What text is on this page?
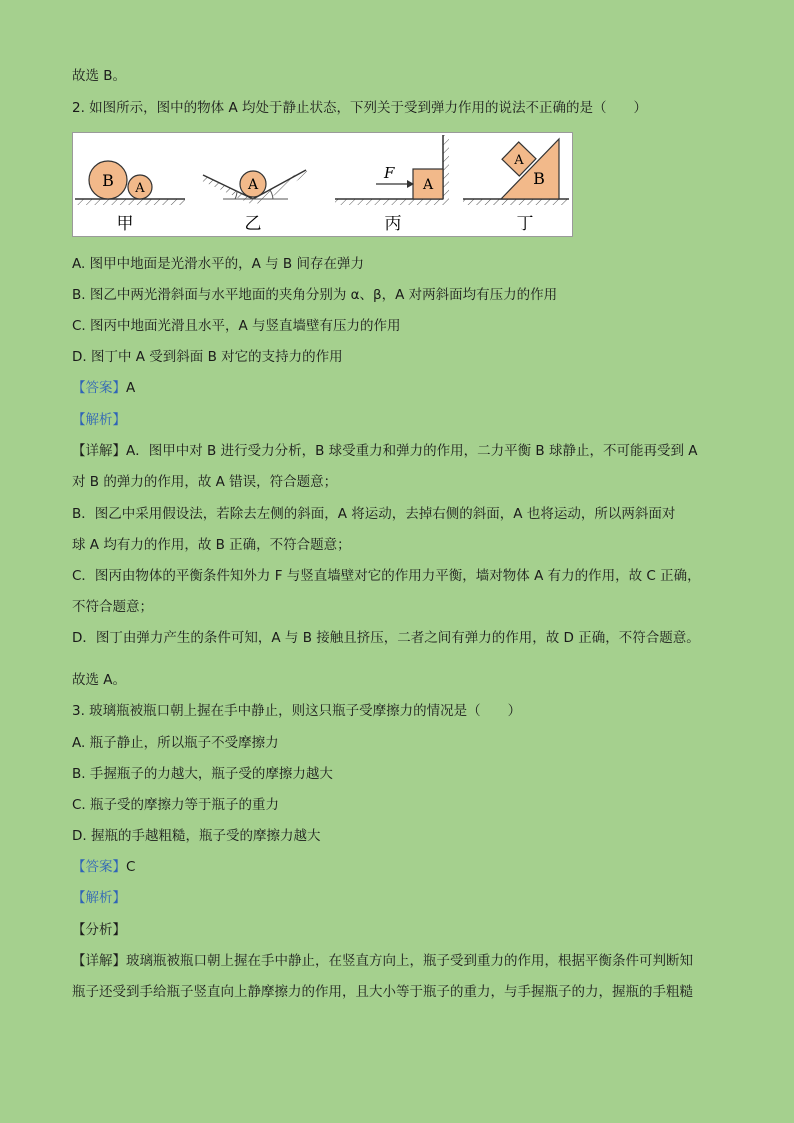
故选 B。
2. 如图所示，图中的物体 A 均处于静止状态，下列关于受到弹力作用的说法不正确的是（　　）
B A
甲
A
乙
A
F
丙
B
A
丁
A. 图甲中地面是光滑水平的，A 与 B 间存在弹力
B. 图乙中两光滑斜面与水平地面的夹角分别为 α、β，A 对两斜面均有压力的作用
C. 图丙中地面光滑且水平，A 与竖直墙壁有压力的作用
D. 图丁中 A 受到斜面 B 对它的支持力的作用
【答案】A
【解析】
【详解】A．图甲中对 B 进行受力分析，B 球受重力和弹力的作用，二力平衡 B 球静止，不可能再受到 A
对 B 的弹力的作用，故 A 错误，符合题意；
B．图乙中采用假设法，若除去左侧的斜面，A 将运动，去掉右侧的斜面，A 也将运动，所以两斜面对
球 A 均有力的作用，故 B 正确，不符合题意；
C．图丙由物体的平衡条件知外力 F 与竖直墙壁对它的作用力平衡，墙对物体 A 有力的作用，故 C 正确，
不符合题意；
D．图丁由弹力产生的条件可知，A 与 B 接触且挤压，二者之间有弹力的作用，故 D 正确，不符合题意。
故选 A。
3. 玻璃瓶被瓶口朝上握在手中静止，则这只瓶子受摩擦力的情况是（　　）
A. 瓶子静止，所以瓶子不受摩擦力
B. 手握瓶子的力越大，瓶子受的摩擦力越大
C. 瓶子受的摩擦力等于瓶子的重力
D. 握瓶的手越粗糙，瓶子受的摩擦力越大
【答案】C
【解析】
【分析】
【详解】玻璃瓶被瓶口朝上握在手中静止，在竖直方向上，瓶子受到重力的作用，根据平衡条件可判断知
瓶子还受到手给瓶子竖直向上静摩擦力的作用，且大小等于瓶子的重力，与手握瓶子的力，握瓶的手粗糙
